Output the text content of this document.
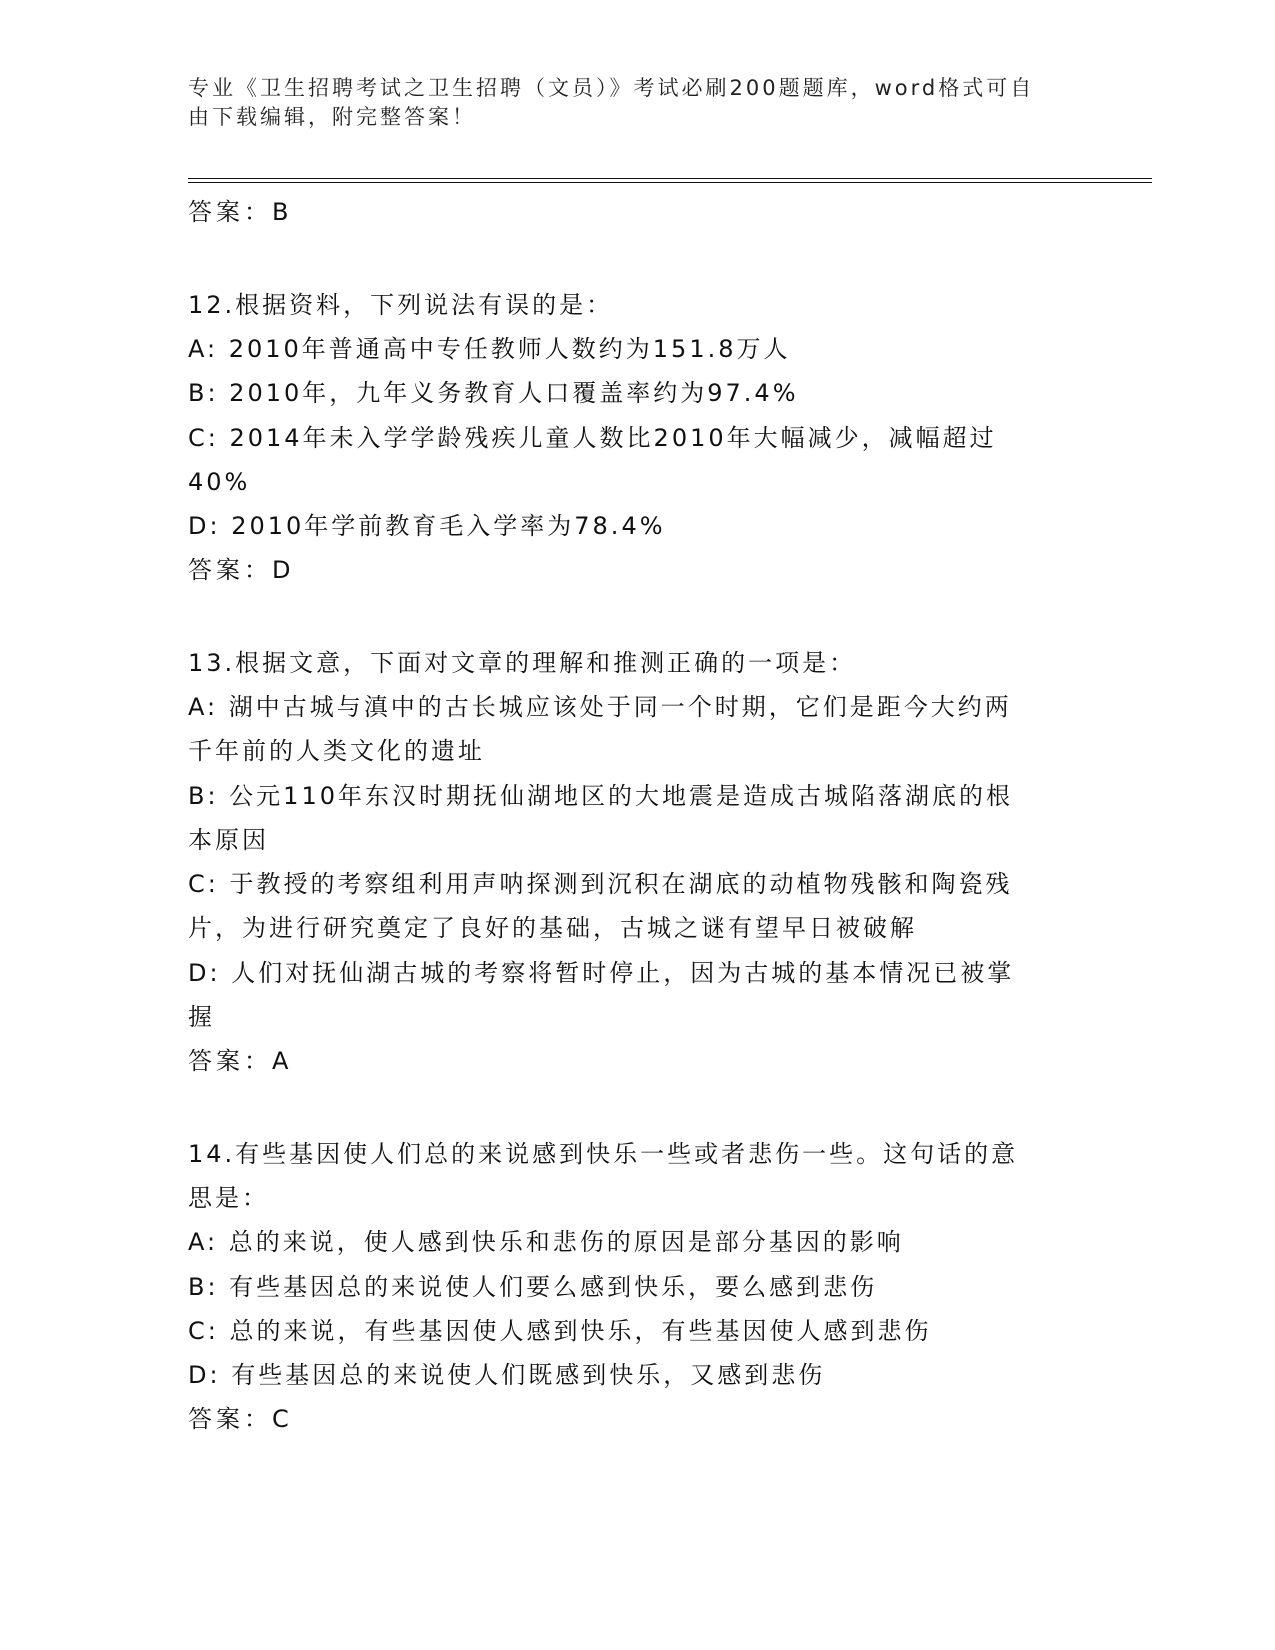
专业《卫生招聘考试之卫生招聘（文员）》考试必刷200题题库，word格式可自
由下载编辑，附完整答案！
答案：B
12.根据资料，下列说法有误的是：
A: 2010年普通高中专任教师人数约为151.8万人
B: 2010年，九年义务教育人口覆盖率约为97.4%
C: 2014年未入学学龄残疾儿童人数比2010年大幅减少，减幅超过
40%
D: 2010年学前教育毛入学率为78.4%
答案：D
13.根据文意，下面对文章的理解和推测正确的一项是：
A: 湖中古城与滇中的古长城应该处于同一个时期，它们是距今大约两
千年前的人类文化的遗址
B: 公元110年东汉时期抚仙湖地区的大地震是造成古城陷落湖底的根
本原因
C: 于教授的考察组利用声呐探测到沉积在湖底的动植物残骸和陶瓷残
片，为进行研究奠定了良好的基础，古城之谜有望早日被破解
D: 人们对抚仙湖古城的考察将暂时停止，因为古城的基本情况已被掌
握
答案：A
14.有些基因使人们总的来说感到快乐一些或者悲伤一些。这句话的意
思是：
A: 总的来说，使人感到快乐和悲伤的原因是部分基因的影响
B: 有些基因总的来说使人们要么感到快乐，要么感到悲伤
C: 总的来说，有些基因使人感到快乐，有些基因使人感到悲伤
D: 有些基因总的来说使人们既感到快乐，又感到悲伤
答案：C
